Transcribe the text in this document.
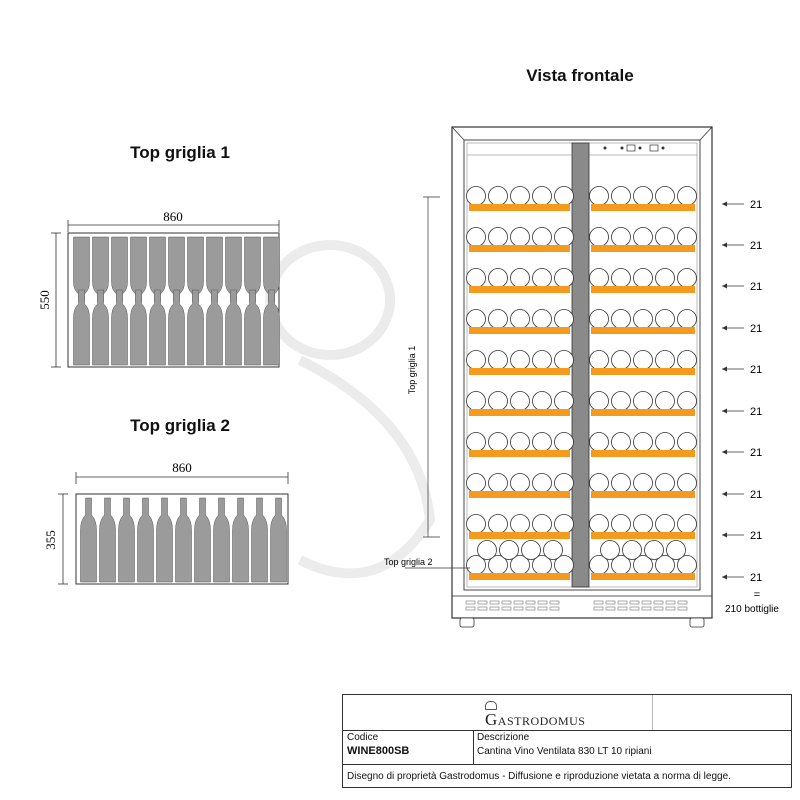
Vista frontale
Top griglia 1
Top griglia 2
860
550
860
355
Top griglia 1
Top griglia 2
21
21
21
21
21
21
21
21
21
21
=
210 bottiglie
Gastrodomus
Codice
WINE800SB
Descrizione
Cantina Vino Ventilata 830 LT 10 ripiani
Disegno di proprietà Gastrodomus - Diffusione e riproduzione vietata a norma di legge.
